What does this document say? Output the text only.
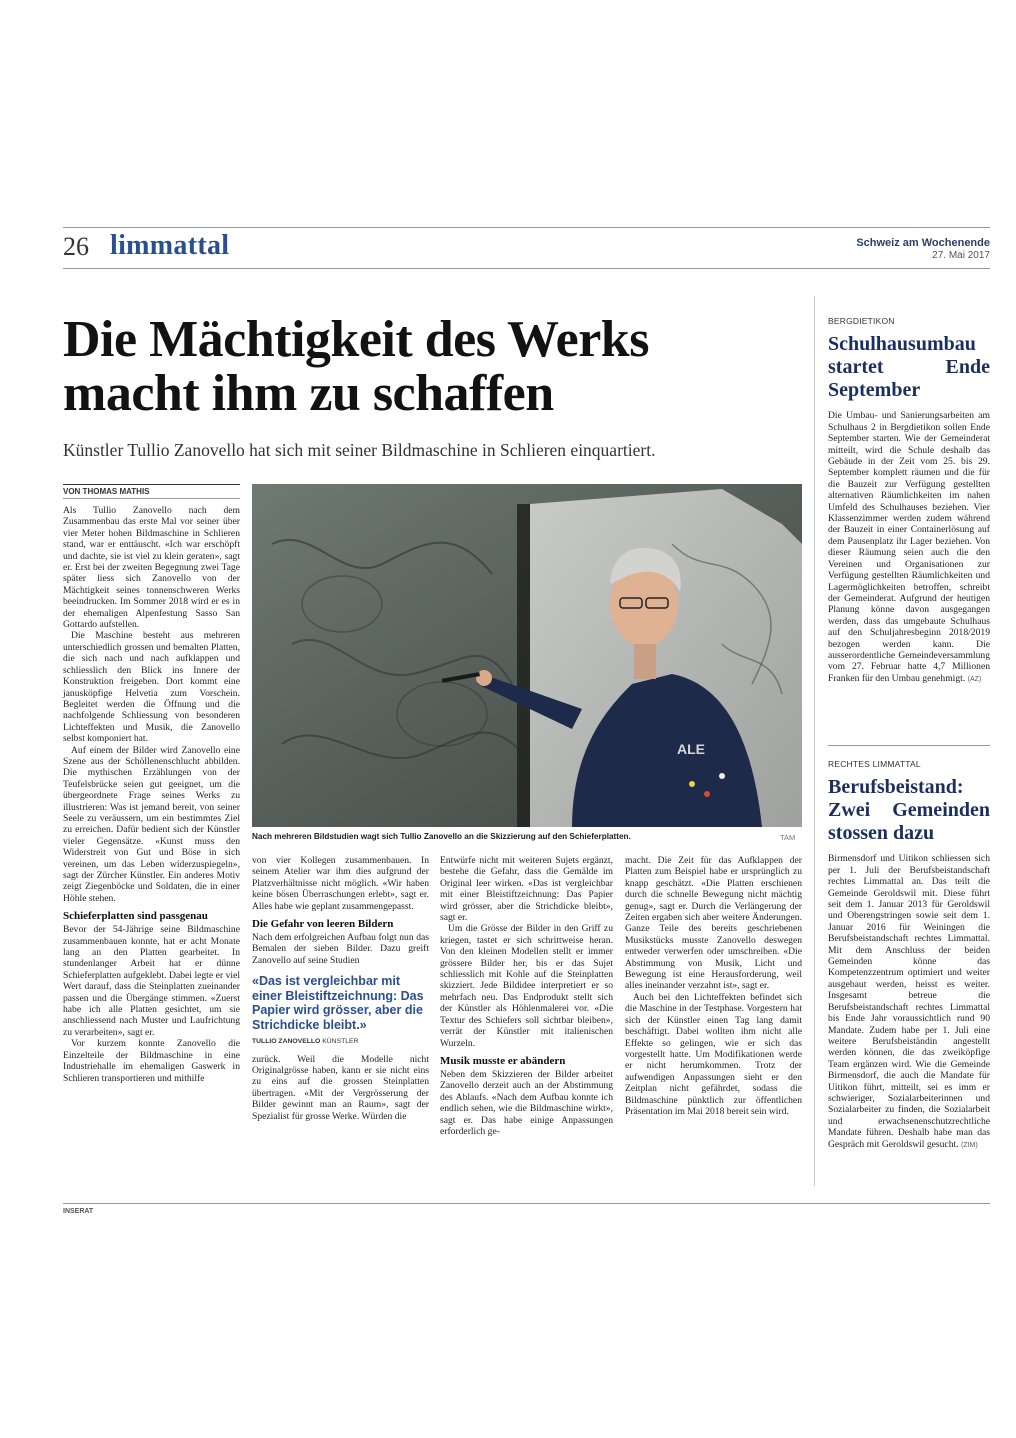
26 limmattal	Schweiz am Wochenende
27. Mai 2017
Die Mächtigkeit des Werks
macht ihm zu schaffen
Künstler Tullio Zanovello hat sich mit seiner Bildmaschine in Schlieren einquartiert.
VON THOMAS MATHIS

Als Tullio Zanovello nach dem Zusammenbau das erste Mal vor seiner über vier Meter hohen Bildmaschine in Schlieren stand, war er enttäuscht. «Ich war erschöpft und dachte, sie ist viel zu klein geraten», sagt er. Erst bei der zweiten Begegnung zwei Tage später liess sich Zanovello von der Mächtigkeit seines tonnenschweren Werks beeindrucken. Im Sommer 2018 wird er es in der ehemaligen Alpenfestung Sasso San Gottardo aufstellen.

Die Maschine besteht aus mehreren unterschiedlich grossen und bemalten Platten, die sich nach und nach aufklappen und schliesslich den Blick ins Innere der Konstruktion freigeben. Dort kommt eine janusköpfige Helvetia zum Vorschein. Begleitet werden die Öffnung und die nachfolgende Schliessung von besonderen Lichteffekten und Musik, die Zanovello selbst komponiert hat.

Auf einem der Bilder wird Zanovello eine Szene aus der Schöllenenschlucht abbilden. Die mythischen Erzählungen von der Teufelsbrücke seien gut geeignet, um die übergeordnete Frage seines Werks zu illustrieren: Was ist jemand bereit, von seiner Seele zu veräussern, um ein bestimmtes Ziel zu erreichen. Dafür bedient sich der Künstler vieler Gegensätze. «Kunst muss den Widerstreit von Gut und Böse in sich vereinen, um das Leben widerzuspiegeln», sagt der Zürcher Künstler. Ein anderes Motiv zeigt Ziegenböcke und Soldaten, die in einer Höhle stehen.

Schieferplatten sind passgenau

Bevor der 54-Jährige seine Bildmaschine zusammenbauen konnte, hat er acht Monate lang an den Platten gearbeitet. In stundenlanger Arbeit hat er dünne Schieferplatten aufgeklebt. Dabei legte er viel Wert darauf, dass die Steinplatten zueinander passen und die Übergänge stimmen. «Zuerst habe ich alle Platten gesichtet, um sie anschliessend nach Muster und Laufrichtung zu verarbeiten», sagt er.

Vor kurzem konnte Zanovello die Einzelteile der Bildmaschine in eine Industriehalle im ehemaligen Gaswerk in Schlieren transportieren und mithilfe

ALE
Nach mehreren Bildstudien wagt sich Tullio Zanovello an die Skizzierung auf den Schieferplatten.	TAM

von vier Kollegen zusammenbauen. In seinem Atelier war ihm dies aufgrund der Platzverhältnisse nicht möglich. «Wir haben keine bösen Überraschungen erlebt», sagt er. Alles habe wie geplant zusammengepasst.

Die Gefahr von leeren Bildern

Nach dem erfolgreichen Aufbau folgt nun das Bemalen der sieben Bilder. Dazu greift Zanovello auf seine Studien

«Das ist vergleichbar mit einer Bleistiftzeichnung: Das Papier wird grösser, aber die Strichdicke bleibt.»
TULLIO ZANOVELLO KÜNSTLER

zurück. Weil die Modelle nicht Originalgrösse haben, kann er sie nicht eins zu eins auf die grossen Steinplatten übertragen. «Mit der Vergrösserung der Bilder gewinnt man an Raum», sagt der Spezialist für grosse Werke. Würden die

Entwürfe nicht mit weiteren Sujets ergänzt, bestehe die Gefahr, dass die Gemälde im Original leer wirken. «Das ist vergleichbar mit einer Bleistiftzeichnung: Das Papier wird grösser, aber die Strichdicke bleibt», sagt er.

Um die Grösse der Bilder in den Griff zu kriegen, tastet er sich schrittweise heran. Von den kleinen Modellen stellt er immer grössere Bilder her, bis er das Sujet schliesslich mit Kohle auf die Steinplatten skizziert. Jede Bildidee interpretiert er so mehrfach neu. Das Endprodukt stellt sich der Künstler als Höhlenmalerei vor. «Die Textur des Schiefers soll sichtbar bleiben», verrät der Künstler mit italienischen Wurzeln.

Musik musste er abändern

Neben dem Skizzieren der Bilder arbeitet Zanovello derzeit auch an der Abstimmung des Ablaufs. «Nach dem Aufbau konnte ich endlich sehen, wie die Bildmaschine wirkt», sagt er. Das habe einige Anpassungen erforderlich ge-

macht. Die Zeit für das Aufklappen der Platten zum Beispiel habe er ursprünglich zu knapp geschätzt. «Die Platten erschienen durch die schnelle Bewegung nicht mächtig genug», sagt er. Durch die Verlängerung der Zeiten ergaben sich aber weitere Änderungen. Ganze Teile des bereits geschriebenen Musikstücks musste Zanovello deswegen entweder verwerfen oder umschreiben. «Die Abstimmung von Musik, Licht und Bewegung ist eine Herausforderung, weil alles ineinander verzahnt ist», sagt er.

Auch bei den Lichteffekten befindet sich die Maschine in der Testphase. Vorgestern hat sich der Künstler einen Tag lang damit beschäftigt. Dabei wollten ihm nicht alle Effekte so gelingen, wie er sich das vorgestellt hatte. Um Modifikationen werde er nicht herumkommen. Trotz der aufwendigen Anpassungen sieht er den Zeitplan nicht gefährdet, sodass die Bildmaschine pünktlich zur öffentlichen Präsentation im Mai 2018 bereit sein wird.

BERGDIETIKON
Schulhausumbau startet Ende September

Die Umbau- und Sanierungsarbeiten am Schulhaus 2 in Bergdietikon sollen Ende September starten. Wie der Gemeinderat mitteilt, wird die Schule deshalb das Gebäude in der Zeit vom 25. bis 29. September komplett räumen und die für die Bauzeit zur Verfügung gestellten alternativen Räumlichkeiten im nahen Umfeld des Schulhauses beziehen. Vier Klassenzimmer werden zudem während der Bauzeit in einer Containerlösung auf dem Pausenplatz ihr Lager beziehen. Von dieser Räumung seien auch die den Vereinen und Organisationen zur Verfügung gestellten Räumlichkeiten und Lagermöglichkeiten betroffen, schreibt der Gemeinderat. Aufgrund der heutigen Planung könne davon ausgegangen werden, dass das umgebaute Schulhaus auf den Schuljahresbeginn 2018/2019 bezogen werden kann. Die ausserordentliche Gemeindeversammlung vom 27. Februar hatte 4,7 Millionen Franken für den Umbau genehmigt. (AZ)

RECHTES LIMMATTAL
Berufsbeistand: Zwei Gemeinden stossen dazu

Birmensdorf und Uitikon schliessen sich per 1. Juli der Berufsbeistandschaft rechtes Limmattal an. Das teilt die Gemeinde Geroldswil mit. Diese führt seit dem 1. Januar 2013 für Geroldswil und Oberengstringen sowie seit dem 1. Januar 2016 für Weiningen die Berufsbeistandschaft rechtes Limmattal. Mit dem Anschluss der beiden Gemeinden könne das Kompetenzzentrum optimiert und weiter ausgebaut werden, heisst es weiter. Insgesamt betreue die Berufsbeistandschaft rechtes Limmattal bis Ende Jahr voraussichtlich rund 90 Mandate. Zudem habe per 1. Juli eine weitere Berufsbeiständin angestellt werden können, die das zweiköpfige Team ergänzen wird. Wie die Gemeinde Birmensdorf, die auch die Mandate für Uitikon führt, mitteilt, sei es imm er schwieriger, Sozialarbeiterinnen und Sozialarbeiter zu finden, die Sozialarbeit und erwachsenenschutzrechtliche Mandate führen. Deshalb habe man das Gespräch mit Geroldswil gesucht. (ZIM)

INSERAT
